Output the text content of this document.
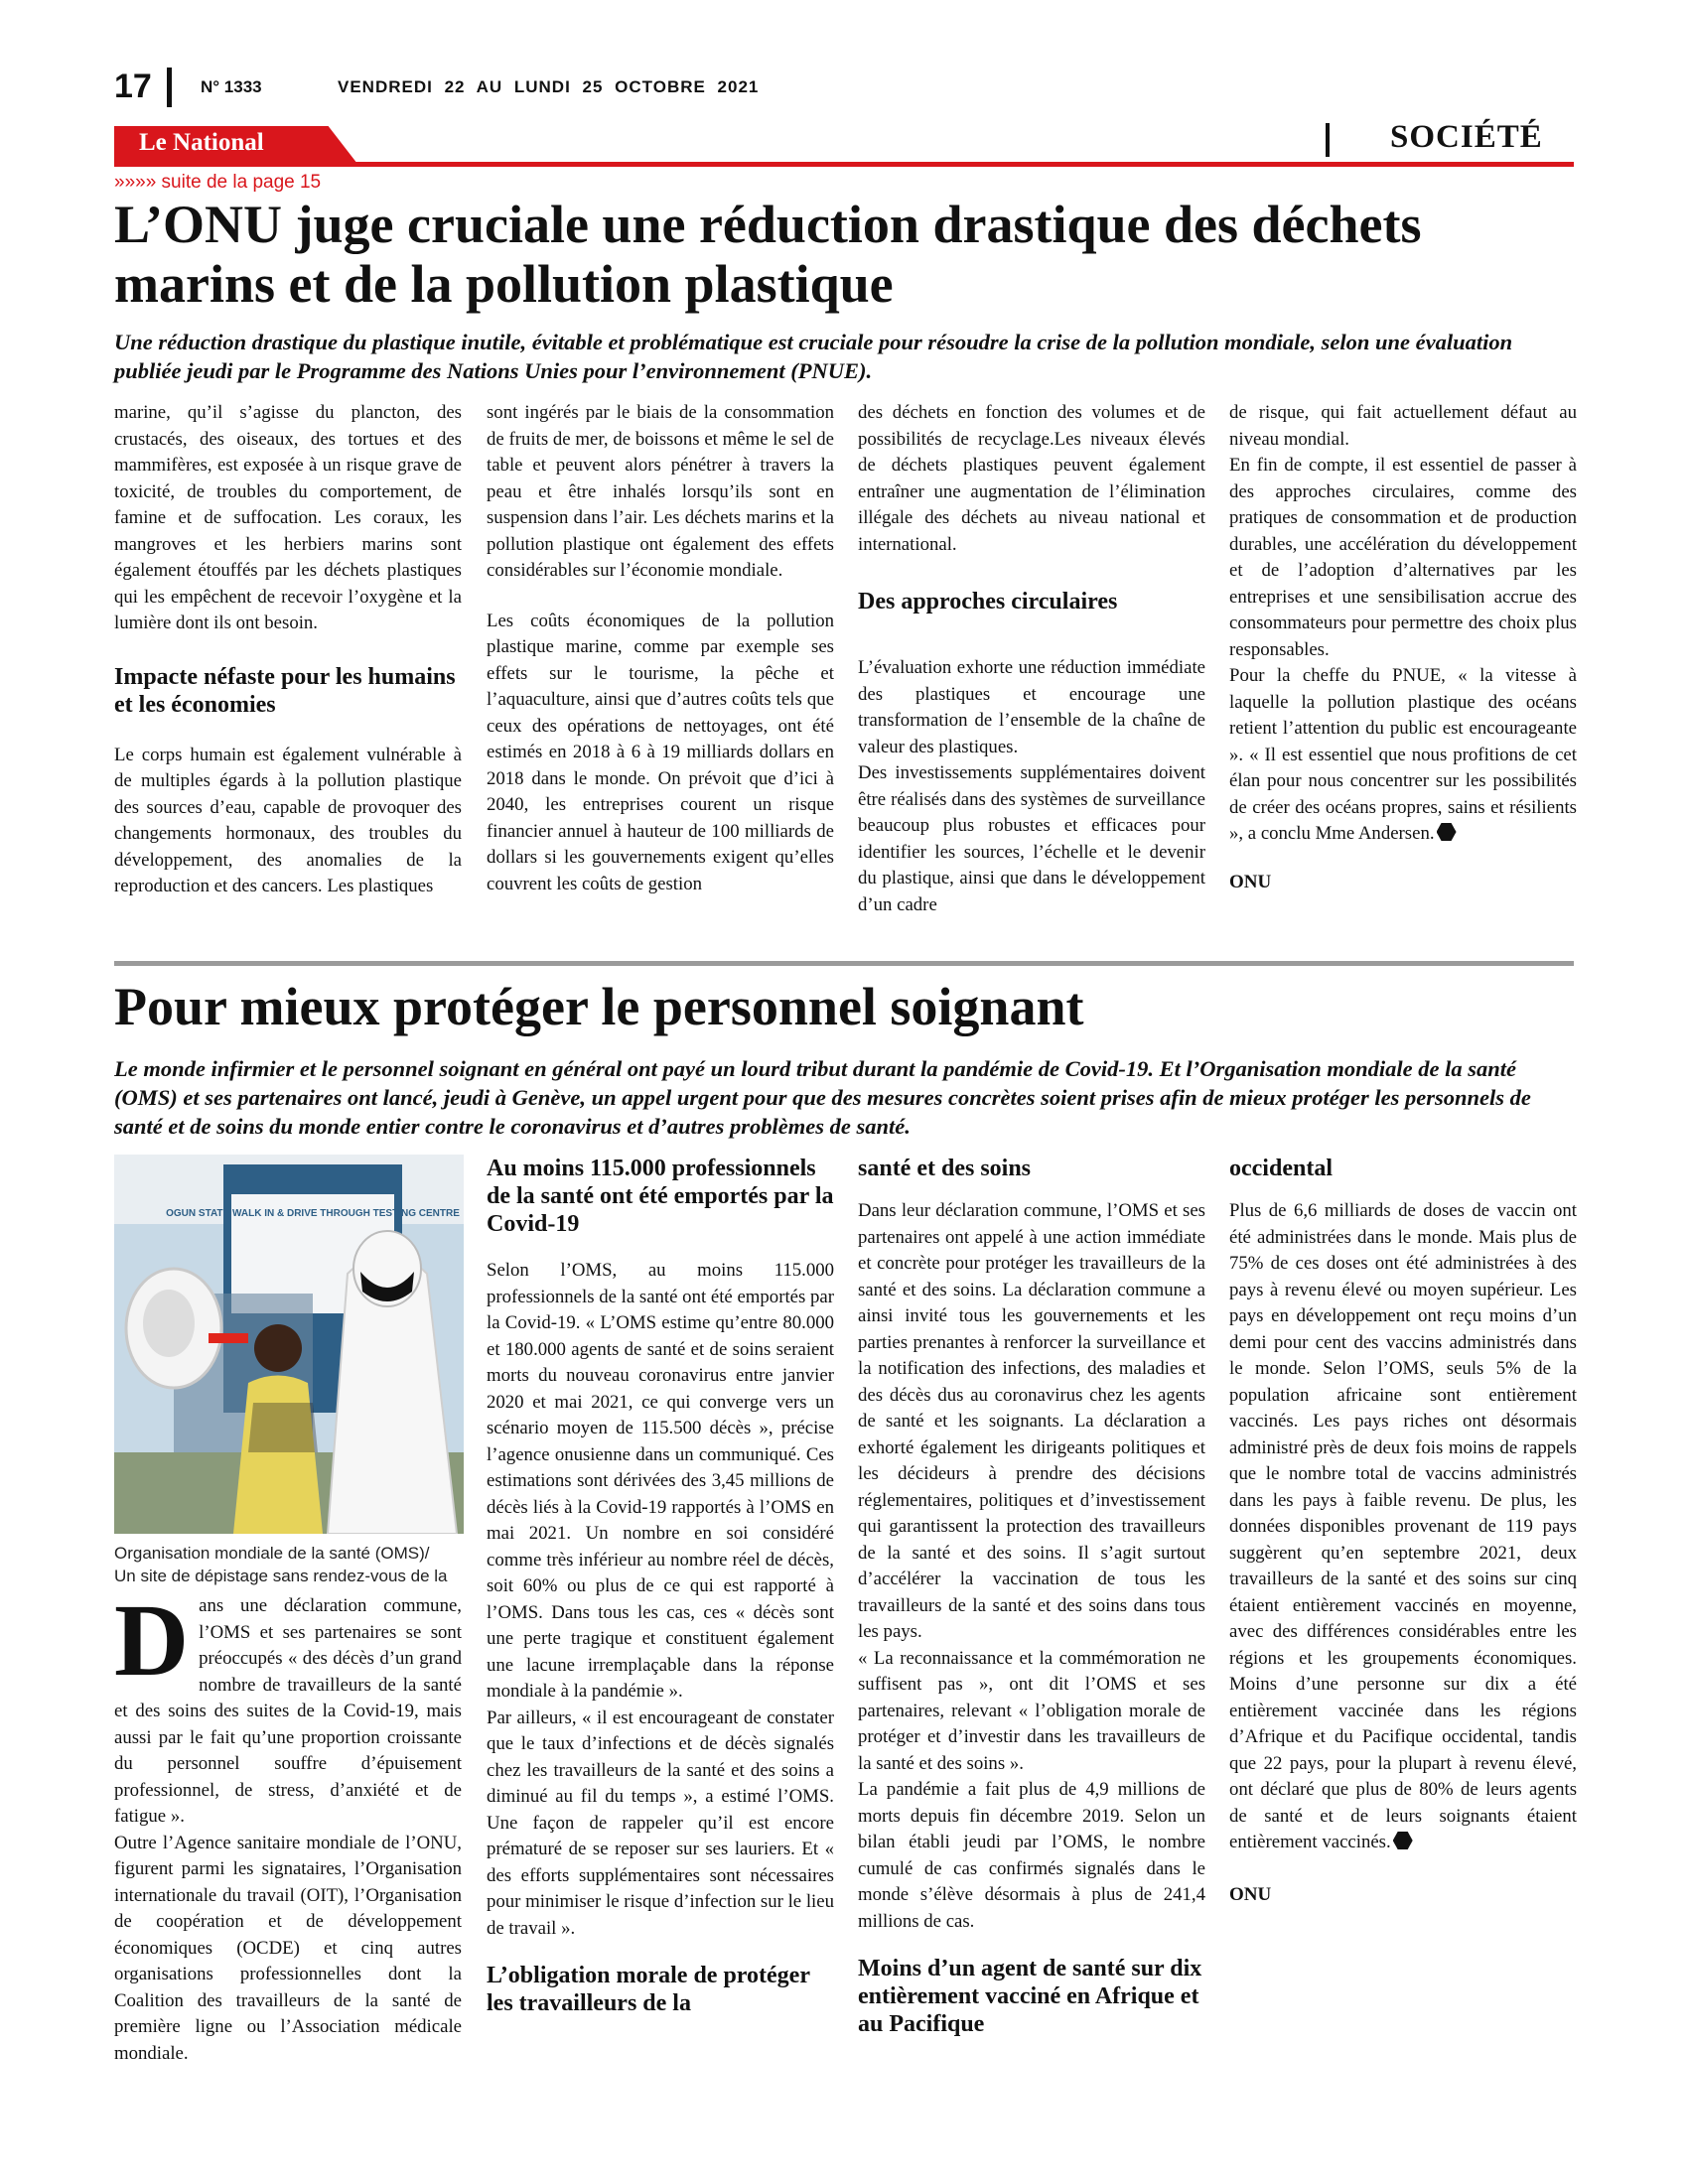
17	N° 1333	VENDREDI 22 AU LUNDI 25 OCTOBRE 2021
Le National	SOCIÉTÉ
»»»» suite de la page 15
L’ONU juge cruciale une réduction drastique des déchets
marins et de la pollution plastique
Une réduction drastique du plastique inutile, évitable et problématique est cruciale pour résoudre la crise de la pollution mondiale, selon une évaluation publiée jeudi par le Programme des Nations Unies pour l’environnement (PNUE).

marine, qu’il s’agisse du plancton, des crustacés, des oiseaux, des tortues et des mammifères, est exposée à un risque grave de toxicité, de troubles du comportement, de famine et de suffocation. Les coraux, les mangroves et les herbiers marins sont également étouffés par les déchets plastiques qui les empêchent de recevoir l’oxygène et la lumière dont ils ont besoin.

Impacte néfaste pour les humains et les économies

Le corps humain est également vulnérable à de multiples égards à la pollution plastique des sources d’eau, capable de provoquer des changements hormonaux, des troubles du développement, des anomalies de la reproduction et des cancers. Les plastiques

sont ingérés par le biais de la consommation de fruits de mer, de boissons et même le sel de table et peuvent alors pénétrer à travers la peau et être inhalés lorsqu’ils sont en suspension dans l’air. Les déchets marins et la pollution plastique ont également des effets considérables sur l’économie mondiale.

Les coûts économiques de la pollution plastique marine, comme par exemple ses effets sur le tourisme, la pêche et l’aquaculture, ainsi que d’autres coûts tels que ceux des opérations de nettoyages, ont été estimés en 2018 à 6 à 19 milliards dollars en 2018 dans le monde. On prévoit que d’ici à 2040, les entreprises courent un risque financier annuel à hauteur de 100 milliards de dollars si les gouvernements exigent qu’elles couvrent les coûts de gestion

des déchets en fonction des volumes et de possibilités de recyclage.Les niveaux élevés de déchets plastiques peuvent également entraîner une augmentation de l’élimination illégale des déchets au niveau national et international.

Des approches circulaires

L’évaluation exhorte une réduction immédiate des plastiques et encourage une transformation de l’ensemble de la chaîne de valeur des plastiques.

Des investissements supplémentaires doivent être réalisés dans des systèmes de surveillance beaucoup plus robustes et efficaces pour identifier les sources, l’échelle et le devenir du plastique, ainsi que dans le développement d’un cadre

de risque, qui fait actuellement défaut au niveau mondial.

En fin de compte, il est essentiel de passer à des approches circulaires, comme des pratiques de consommation et de production durables, une accélération du développement et de l’adoption d’alternatives par les entreprises et une sensibilisation accrue des consommateurs pour permettre des choix plus responsables.

Pour la cheffe du PNUE, « la vitesse à laquelle la pollution plastique des océans retient l’attention du public est encourageante ». « Il est essentiel que nous profitions de cet élan pour nous concentrer sur les possibilités de créer des océans propres, sains et résilients », a conclu Mme Andersen.

ONU

Pour mieux protéger le personnel soignant
Le monde infirmier et le personnel soignant en général ont payé un lourd tribut durant la pandémie de Covid-19. Et l’Organisation mondiale de la santé (OMS) et ses partenaires ont lancé, jeudi à Genève, un appel urgent pour que des mesures concrètes soient prises afin de mieux protéger les personnels de santé et de soins du monde entier contre le coronavirus et d’autres problèmes de santé.
OGUN STATE WALK IN & DRIVE THROUGH TESTING CENTRE
Organisation mondiale de la santé (OMS)/
Un site de dépistage sans rendez-vous de la

Dans une déclaration commune, l’OMS et ses partenaires se sont préoccupés « des décès d’un grand nombre de travailleurs de la santé et des soins des suites de la Covid-19, mais aussi par le fait qu’une proportion croissante du personnel souffre d’épuisement professionnel, de stress, d’anxiété et de fatigue ».

Outre l’Agence sanitaire mondiale de l’ONU, figurent parmi les signataires, l’Organisation internationale du travail (OIT), l’Organisation de coopération et de développement économiques (OCDE) et cinq autres organisations professionnelles dont la Coalition des travailleurs de la santé de première ligne ou l’Association médicale mondiale.

Au moins 115.000 professionnels de la santé ont été emportés par la Covid-19

Selon l’OMS, au moins 115.000 professionnels de la santé ont été emportés par la Covid-19. « L’OMS estime qu’entre 80.000 et 180.000 agents de santé et de soins seraient morts du nouveau coronavirus entre janvier 2020 et mai 2021, ce qui converge vers un scénario moyen de 115.500 décès », précise l’agence onusienne dans un communiqué. Ces estimations sont dérivées des 3,45 millions de décès liés à la Covid-19 rapportés à l’OMS en mai 2021. Un nombre en soi considéré comme très inférieur au nombre réel de décès, soit 60% ou plus de ce qui est rapporté à l’OMS. Dans tous les cas, ces « décès sont une perte tragique et constituent également une lacune irremplaçable dans la réponse mondiale à la pandémie ».

Par ailleurs, « il est encourageant de constater que le taux d’infections et de décès signalés chez les travailleurs de la santé et des soins a diminué au fil du temps », a estimé l’OMS. Une façon de rappeler qu’il est encore prématuré de se reposer sur ses lauriers. Et « des efforts supplémentaires sont nécessaires pour minimiser le risque d’infection sur le lieu de travail ».

L’obligation morale de protéger les travailleurs de la

santé et des soins

Dans leur déclaration commune, l’OMS et ses partenaires ont appelé à une action immédiate et concrète pour protéger les travailleurs de la santé et des soins. La déclaration commune a ainsi invité tous les gouvernements et les parties prenantes à renforcer la surveillance et la notification des infections, des maladies et des décès dus au coronavirus chez les agents de santé et les soignants. La déclaration a exhorté également les dirigeants politiques et les décideurs à prendre des décisions réglementaires, politiques et d’investissement qui garantissent la protection des travailleurs de la santé et des soins. Il s’agit surtout d’accélérer la vaccination de tous les travailleurs de la santé et des soins dans tous les pays.

« La reconnaissance et la commémoration ne suffisent pas », ont dit l’OMS et ses partenaires, relevant « l’obligation morale de protéger et d’investir dans les travailleurs de la santé et des soins ».

La pandémie a fait plus de 4,9 millions de morts depuis fin décembre 2019. Selon un bilan établi jeudi par l’OMS, le nombre cumulé de cas confirmés signalés dans le monde s’élève désormais à plus de 241,4 millions de cas.

Moins d’un agent de santé sur dix entièrement vacciné en Afrique et au Pacifique

occidental

Plus de 6,6 milliards de doses de vaccin ont été administrées dans le monde. Mais plus de 75% de ces doses ont été administrées à des pays à revenu élevé ou moyen supérieur. Les pays en développement ont reçu moins d’un demi pour cent des vaccins administrés dans le monde. Selon l’OMS, seuls 5% de la population africaine sont entièrement vaccinés. Les pays riches ont désormais administré près de deux fois moins de rappels que le nombre total de vaccins administrés dans les pays à faible revenu. De plus, les données disponibles provenant de 119 pays suggèrent qu’en septembre 2021, deux travailleurs de la santé et des soins sur cinq étaient entièrement vaccinés en moyenne, avec des différences considérables entre les régions et les groupements économiques. Moins d’une personne sur dix a été entièrement vaccinée dans les régions d’Afrique et du Pacifique occidental, tandis que 22 pays, pour la plupart à revenu élevé, ont déclaré que plus de 80% de leurs agents de santé et de leurs soignants étaient entièrement vaccinés.

ONU
